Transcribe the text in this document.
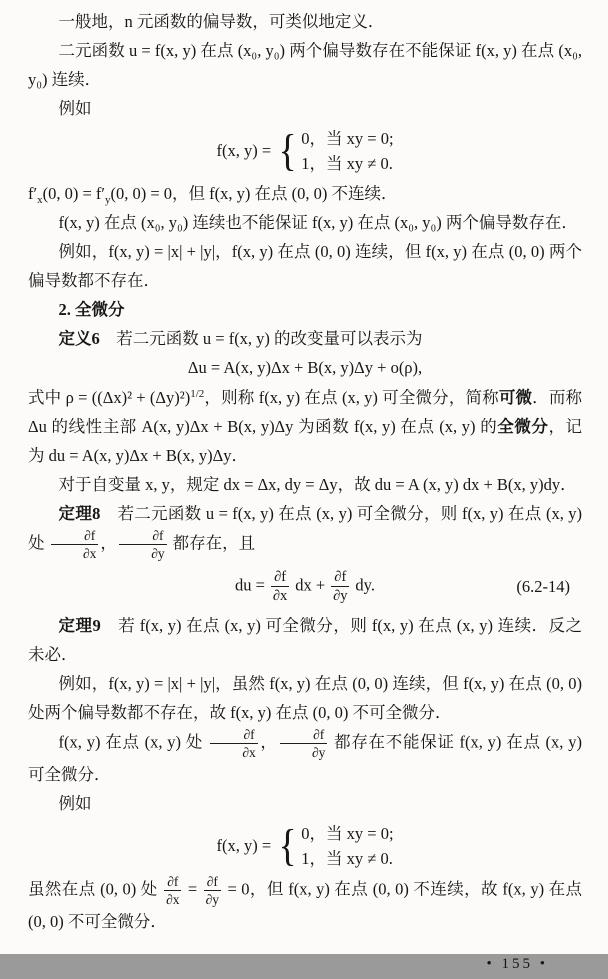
一般地，n 元函数的偏导数，可类似地定义．

二元函数 u = f(x, y) 在点 (x₀, y₀) 两个偏导数存在不能保证 f(x, y) 在点 (x₀, y₀) 连续．

例如

f(x, y) = { 0，当 xy = 0;
1，当 xy ≠ 0.

$f'_x(0$, $0) = f'_y(0$, 0) = 0，但 f(x, y) 在点 (0, 0) 不连续．

f(x, y) 在点 (x₀, y₀) 连续也不能保证 f(x, y) 在点 (x₀, y₀) 两个偏导数存在．

例如，f(x, y) = |x| + |y|，f(x, y) 在点 (0, 0) 连续，但 f(x, y) 在点 (0, 0) 两个偏导数都不存在．

2. 全微分

定义6　若二元函数 u = f(x, y) 的改变量可以表示为

Δu = A(x, y)Δx + B(x, y)Δy + o(ρ),

式中 $\rho = ((\Delta x)^2 + (\Delta y)^2)^{1/2}$，则称 f(x, y) 在点 (x, y) 可全微分，简称可微．而称 Δu 的线性主部 A(x, y)Δx + B(x, y)Δy 为函数 f(x, y) 在点 (x, y) 的全微分，记为 du = A(x, y)Δx + B(x, y)Δy．

对于自变量 x, y，规定 dx = Δx, dy = Δy，故 du = A (x, y) dx + B(x, y)dy．

定理8　若二元函数 u = f(x, y) 在点 (x, y) 可全微分，则 f(x, y) 在点 (x, y) 处 $\frac{\partial f}{\partial x}$ ， $\frac{\partial f}{\partial y}$ 都存在，且

du = $\frac{\partial f}{\partial x}$ dx + $\frac{\partial f}{\partial y}$ dy.	(6.2-14)

定理9　若 f(x, y) 在点 (x, y) 可全微分，则 f(x, y) 在点 (x, y) 连续．反之未必．

例如，f(x, y) = |x| + |y|，虽然 f(x, y) 在点 (0, 0) 连续，但 f(x, y) 在点 (0, 0) 处两个偏导数都不存在，故 f(x, y) 在点 (0, 0) 不可全微分．

f(x, y) 在点 (x, y) 处 $\frac{\partial f}{\partial x}$ ， $\frac{\partial f}{\partial y}$ 都存在不能保证 f(x, y) 在点 (x, y) 可全微分．

例如

f(x, y) = { 0，当 xy = 0;
1，当 xy ≠ 0.

虽然在点 (0, 0) 处 $\frac{\partial f}{\partial x} = \frac{\partial f}{\partial y} = 0$，但 f(x, y) 在点 (0, 0) 不连续，故 f(x, y) 在点 (0, 0) 不可全微分．

• 155 •
